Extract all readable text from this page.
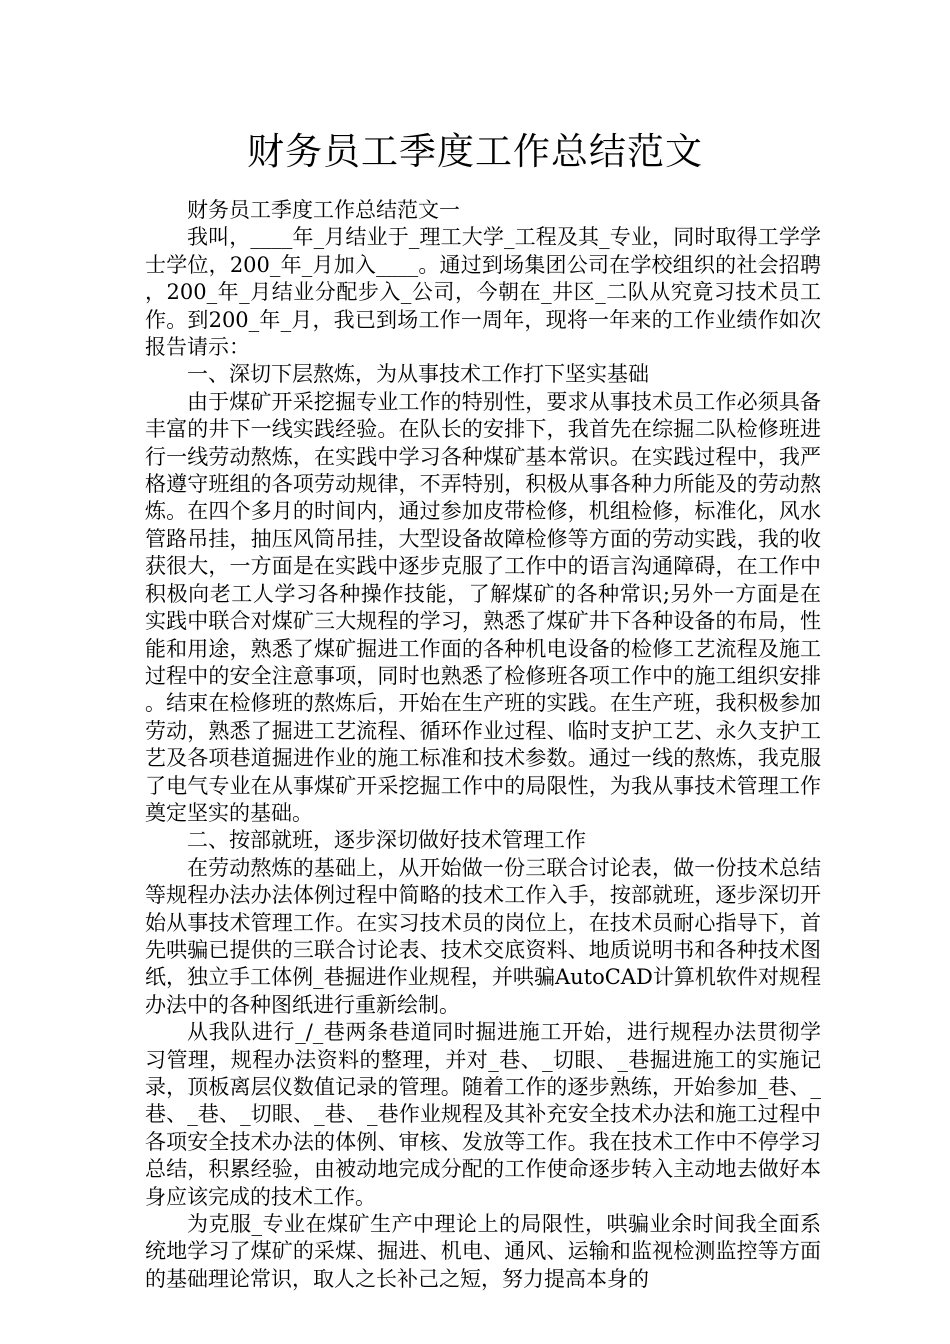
财务员工季度工作总结范文

财务员工季度工作总结范文一

我叫，____年_月结业于_理工大学_工程及其_专业，同时取得工学学士学位，200_年_月加入____。通过到场集团公司在学校组织的社会招聘，200_年_月结业分配步入_公司，今朝在_井区_二队从究竟习技术员工作。到200_年_月，我已到场工作一周年，现将一年来的工作业绩作如次报告请示：

一、深切下层熬炼，为从事技术工作打下坚实基础

由于煤矿开采挖掘专业工作的特别性，要求从事技术员工作必须具备丰富的井下一线实践经验。在队长的安排下，我首先在综掘二队检修班进行一线劳动熬炼，在实践中学习各种煤矿基本常识。在实践过程中，我严格遵守班组的各项劳动规律，不弄特别，积极从事各种力所能及的劳动熬炼。在四个多月的时间内，通过参加皮带检修，机组检修，标准化，风水管路吊挂，抽压风筒吊挂，大型设备故障检修等方面的劳动实践，我的收获很大，一方面是在实践中逐步克服了工作中的语言沟通障碍，在工作中积极向老工人学习各种操作技能，了解煤矿的各种常识;另外一方面是在实践中联合对煤矿三大规程的学习，熟悉了煤矿井下各种设备的布局，性能和用途，熟悉了煤矿掘进工作面的各种机电设备的检修工艺流程及施工过程中的安全注意事项，同时也熟悉了检修班各项工作中的施工组织安排。结束在检修班的熬炼后，开始在生产班的实践。在生产班，我积极参加劳动，熟悉了掘进工艺流程、循环作业过程、临时支护工艺、永久支护工艺及各项巷道掘进作业的施工标准和技术参数。通过一线的熬炼，我克服了电气专业在从事煤矿开采挖掘工作中的局限性，为我从事技术管理工作奠定坚实的基础。

二、按部就班，逐步深切做好技术管理工作

在劳动熬炼的基础上，从开始做一份三联合讨论表，做一份技术总结等规程办法办法体例过程中简略的技术工作入手，按部就班，逐步深切开始从事技术管理工作。在实习技术员的岗位上，在技术员耐心指导下，首先哄骗已提供的三联合讨论表、技术交底资料、地质说明书和各种技术图纸，独立手工体例_巷掘进作业规程，并哄骗AutoCAD计算机软件对规程办法中的各种图纸进行重新绘制。

从我队进行_/_巷两条巷道同时掘进施工开始，进行规程办法贯彻学习管理，规程办法资料的整理，并对_巷、_切眼、_巷掘进施工的实施记录，顶板离层仪数值记录的管理。随着工作的逐步熟练，开始参加_巷、_巷、_巷、_切眼、_巷、_巷作业规程及其补充安全技术办法和施工过程中各项安全技术办法的体例、审核、发放等工作。我在技术工作中不停学习总结，积累经验，由被动地完成分配的工作使命逐步转入主动地去做好本身应该完成的技术工作。

为克服_专业在煤矿生产中理论上的局限性，哄骗业余时间我全面系统地学习了煤矿的采煤、掘进、机电、通风、运输和监视检测监控等方面的基础理论常识，取人之长补己之短，努力提高本身的
